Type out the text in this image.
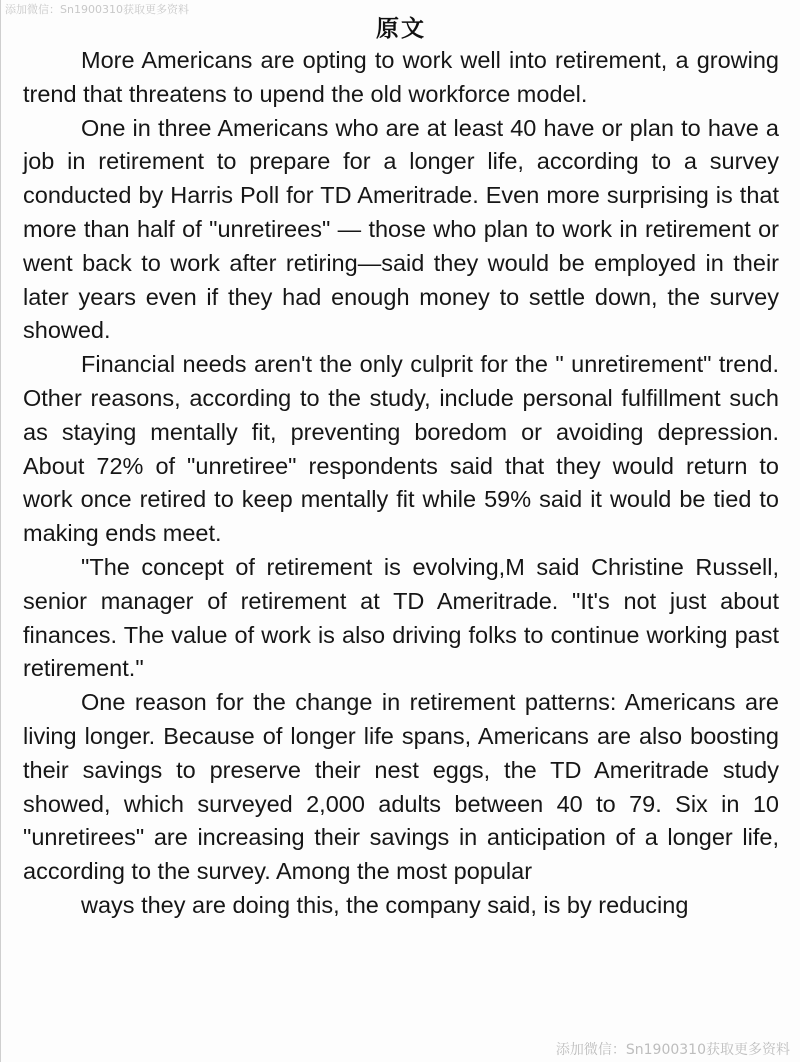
添加微信：Sn1900310获取更多资料
原文

More Americans are opting to work well into retirement, a growing trend that threatens to upend the old workforce model.

One in three Americans who are at least 40 have or plan to have a job in retirement to prepare for a longer life, according to a survey conducted by Harris Poll for TD Ameritrade. Even more surprising is that more than half of "unretirees" — those who plan to work in retirement or went back to work after retiring—said they would be employed in their later years even if they had enough money to settle down, the survey showed.

Financial needs aren't the only culprit for the " unretirement" trend. Other reasons, according to the study, include personal fulfillment such as staying mentally fit, preventing boredom or avoiding depression. About 72% of "unretiree" respondents said that they would return to work once retired to keep mentally fit while 59% said it would be tied to making ends meet.

"The concept of retirement is evolving,M said Christine Russell, senior manager of retirement at TD Ameritrade. "It's not just about finances. The value of work is also driving folks to continue working past retirement."

One reason for the change in retirement patterns: Americans are living longer. Because of longer life spans, Americans are also boosting their savings to preserve their nest eggs, the TD Ameritrade study showed, which surveyed 2,000 adults between 40 to 79. Six in 10 "unretirees" are increasing their savings in anticipation of a longer life, according to the survey. Among the most popular

ways they are doing this, the company said, is by reducing

添加微信：Sn1900310获取更多资料
